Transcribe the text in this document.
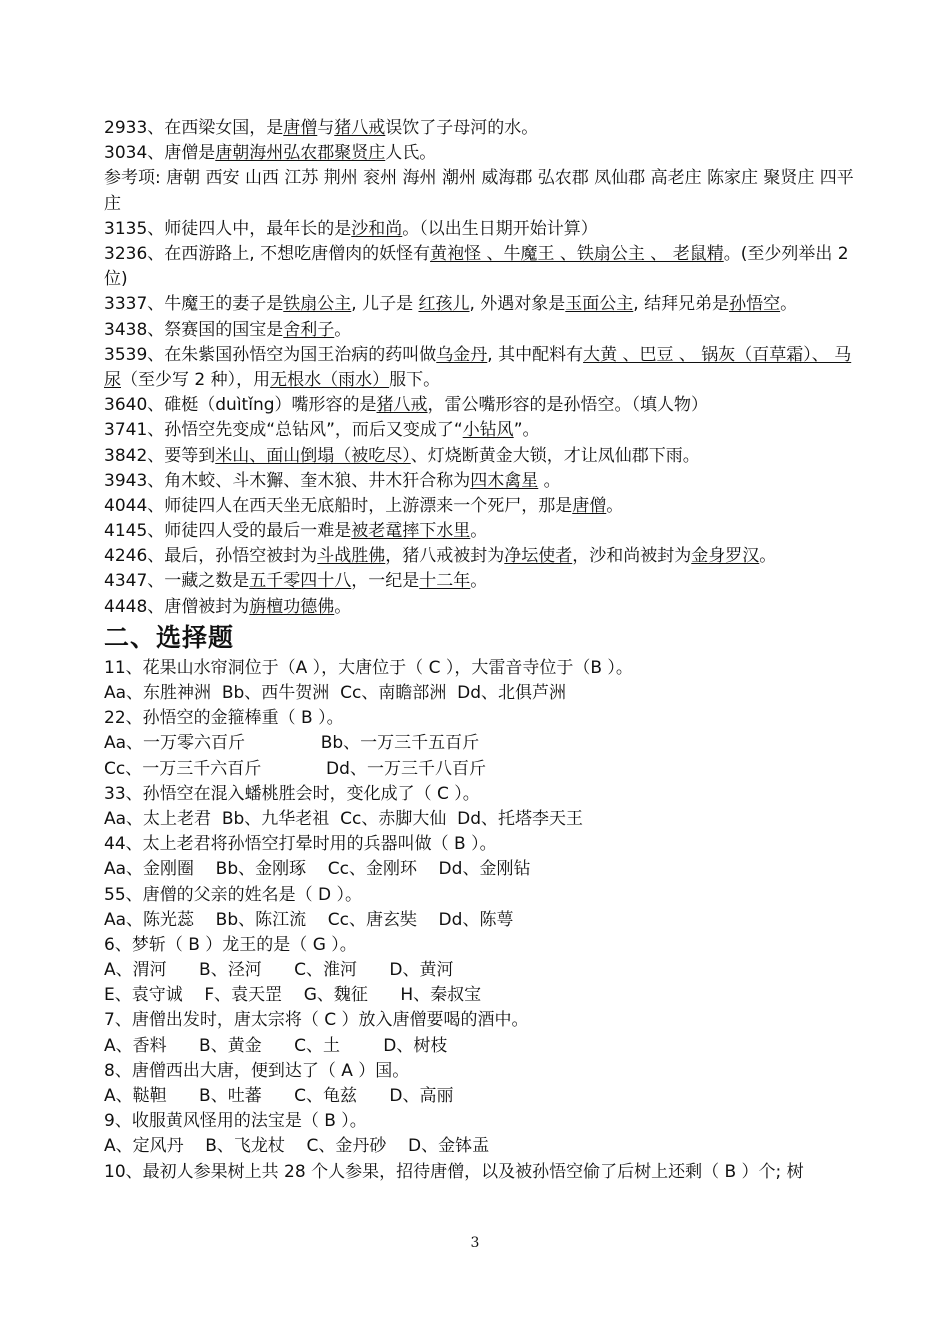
2933、在西梁女国，是唐僧与猪八戒误饮了子母河的水。
3034、唐僧是唐朝海州弘农郡聚贤庄人氏。
参考项: 唐朝 西安 山西 江苏 荆州 衮州 海州 潮州 威海郡 弘农郡 凤仙郡 高老庄 陈家庄 聚贤庄 四平庄
3135、师徒四人中，最年长的是沙和尚。（以出生日期开始计算）
3236、在西游路上, 不想吃唐僧肉的妖怪有黄袍怪 、牛魔王 、铁扇公主 、 老鼠精。(至少列举出 2 位)
3337、牛魔王的妻子是铁扇公主, 儿子是 红孩儿, 外遇对象是玉面公主, 结拜兄弟是孙悟空。
3438、祭赛国的国宝是舍利子。
3539、在朱紫国孙悟空为国王治病的药叫做乌金丹, 其中配料有大黄 、巴豆 、 锅灰（百草霜）、 马尿（至少写 2 种），用无根水（雨水）服下。
3640、碓梃（duìtǐng）嘴形容的是猪八戒，雷公嘴形容的是孙悟空。（填人物）
3741、孙悟空先变成“总钻风”，而后又变成了“小钻风”。
3842、要等到米山、面山倒塌（被吃尽）、灯烧断黄金大锁，才让凤仙郡下雨。
3943、角木蛟、斗木獬、奎木狼、井木犴合称为四木禽星 。
4044、师徒四人在西天坐无底船时，上游漂来一个死尸，那是唐僧。
4145、师徒四人受的最后一难是被老鼋摔下水里。
4246、最后，孙悟空被封为斗战胜佛，猪八戒被封为净坛使者，沙和尚被封为金身罗汉。
4347、一藏之数是五千零四十八，一纪是十二年。
4448、唐僧被封为旃檀功德佛。
二、选择题
11、花果山水帘洞位于（A ），大唐位于（ C ），大雷音寺位于（B ）。
Aa、东胜神洲  Bb、西牛贺洲  Cc、南瞻部洲  Dd、北俱芦洲
22、孙悟空的金箍棒重（ B ）。
Aa、一万零六百斤              Bb、一万三千五百斤
Cc、一万三千六百斤            Dd、一万三千八百斤
33、孙悟空在混入蟠桃胜会时，变化成了（ C ）。
Aa、太上老君  Bb、九华老祖  Cc、赤脚大仙  Dd、托塔李天王
44、太上老君将孙悟空打晕时用的兵器叫做（ B ）。
Aa、金刚圈    Bb、金刚琢    Cc、金刚环    Dd、金刚钻
55、唐僧的父亲的姓名是（ D ）。
Aa、陈光蕊    Bb、陈江流    Cc、唐玄奘    Dd、陈萼
6、梦斩（ B ）龙王的是（ G ）。
A、渭河      B、泾河      C、淮河      D、黄河
E、袁守诚    F、袁天罡    G、魏征      H、秦叔宝
7、唐僧出发时，唐太宗将（ C ）放入唐僧要喝的酒中。
A、香料      B、黄金      C、土        D、树枝
8、唐僧西出大唐，便到达了（ A ）国。
A、鞑靼      B、吐蕃      C、龟兹      D、高丽
9、收服黄风怪用的法宝是（ B ）。
A、定风丹    B、飞龙杖    C、金丹砂    D、金钵盂
10、最初人参果树上共 28 个人参果，招待唐僧，以及被孙悟空偷了后树上还剩（ B ）个; 树
3
